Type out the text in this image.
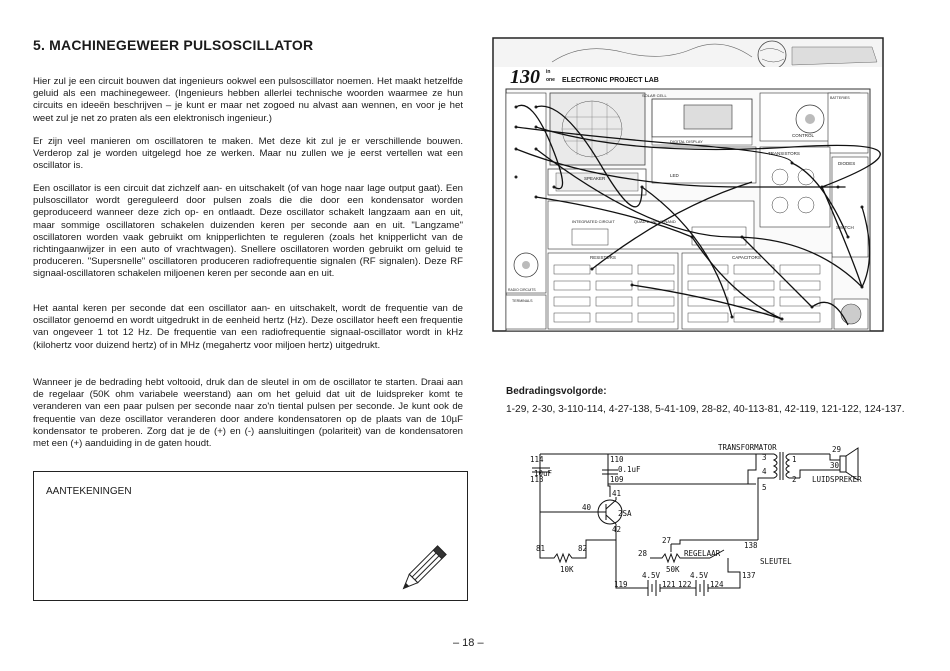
5. MACHINEGEWEER PULSOSCILLATOR
Hier zul je een circuit bouwen dat ingenieurs ookwel een pulsoscillator noemen. Het maakt hetzelfde geluid als een machinegeweer. (Ingenieurs hebben allerlei technische woorden waarmee ze hun circuits en ideeën beschrijven – je kunt er maar net zogoed nu alvast aan wennen, en voor je het weet zul je net zo praten als een elektronisch ingenieur.)
Er zijn veel manieren om oscillatoren te maken. Met deze kit zul je er verschillende bouwen. Verderop zal je worden uitgelegd hoe ze werken. Maar nu zullen we je eerst vertellen wat een oscillator is.
Een oscillator is een circuit dat zichzelf aan- en uitschakelt (of van hoge naar lage output gaat). Een pulsoscillator wordt gereguleerd door pulsen zoals die die door een kondensator worden geproduceerd wanneer deze zich op- en ontlaadt. Deze oscillator schakelt langzaam aan en uit, maar sommige oscillatoren schakelen duizenden keren per seconde aan en uit. "Langzame" oscillatoren worden vaak gebruikt om knipperlichten te reguleren (zoals het knipperlicht van de richtingaanwijzer in een auto of vrachtwagen). Snellere oscillatoren worden gebruikt om geluid te produceren. "Supersnelle" oscillatoren produceren radiofrequentie signalen (RF signalen). Deze RF signaal-oscillatoren schakelen miljoenen keren per seconde aan en uit.
Het aantal keren per seconde dat een oscillator aan- en uitschakelt, wordt de frequentie van de oscillator genoemd en wordt uitgedrukt in de eenheid hertz (Hz). Deze oscillator heeft een frequentie van ongeveer 1 tot 12 Hz. De frequentie van een radiofrequentie signaal-oscillator wordt in kHz (kilohertz voor duizend hertz) of in MHz (megahertz voor miljoen hertz) uitgedrukt.
Wanneer je de bedrading hebt voltooid, druk dan de sleutel in om de oscillator te starten. Draai aan de regelaar (50K ohm variabele weerstand) aan om het geluid dat uit de luidspreker komt te veranderen van een paar pulsen per seconde naar zo'n tiental pulsen per seconde. Je kunt ook de frequentie van deze oscillator veranderen door andere kondensatoren op de plaats van de 10µF kondensator te proberen. Zorg dat je de (+) en (-) aansluitingen (polariteit) van de kondensatoren met een (+) aanduiding in de gaten houdt.
AANTEKENINGEN
130 in
one ELECTRONIC PROJECT LAB
SOLAR CELL
DIGITAL DISPLAY
CONTROL
BATTERIES
SPEAKER
LED
TRANSISTORS
DIODES
SWITCH
INTEGRATED CIRCUIT	QUAD 2- INPUT NAND
RADIO CIRCUITS
TERMINALS
RESISTORS	CAPACITORS
Bedradingsvolgorde:
1-29, 2-30, 3-110-114, 4-27-138, 5-41-109, 28-82, 40-113-81, 42-119, 121-122, 124-137.
114
113
110
109
10uF	0.1uF
41
40
2SA
42
81	82
10K
28
27
REGELAAR
50K
138
SLEUTEL
137
4.5V	4.5V
119	121 122 124
TRANSFORMATOR
3
4
5
1
2
29
30
LUIDSPREKER
– 18 –
